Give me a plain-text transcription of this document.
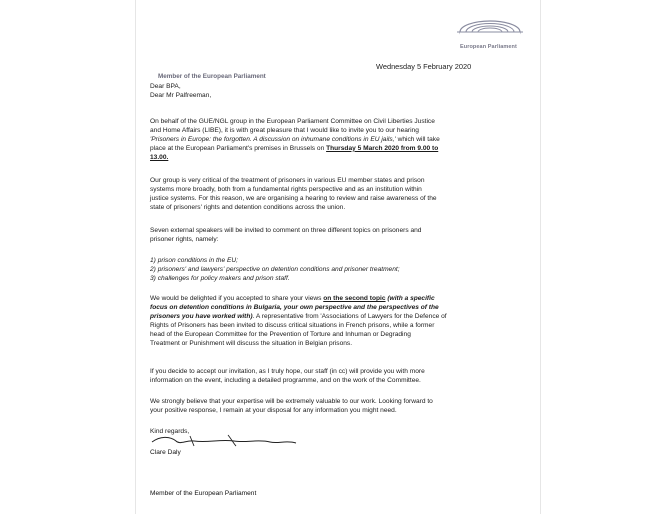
European Parliament
Wednesday 5 February 2020
Member of the European Parliament
Dear BPA,
Dear Mr Palfreeman,
On behalf of the GUE/NGL group in the European Parliament Committee on Civil Liberties Justice
and Home Affairs (LIBE), it is with great pleasure that I would like to invite you to our hearing
'Prisoners in Europe: the forgotten. A discussion on inhumane conditions in EU jails,' which will take
place at the European Parliament's premises in Brussels on Thursday 5 March 2020 from 9.00 to
13.00.
Our group is very critical of the treatment of prisoners in various EU member states and prison
systems more broadly, both from a fundamental rights perspective and as an institution within
justice systems. For this reason, we are organising a hearing to review and raise awareness of the
state of prisoners' rights and detention conditions across the union.
Seven external speakers will be invited to comment on three different topics on prisoners and
prisoner rights, namely:
1) prison conditions in the EU;
2) prisoners' and lawyers' perspective on detention conditions and prisoner treatment;
3) challenges for policy makers and prison staff.
We would be delighted if you accepted to share your views on the second topic (with a specific
focus on detention conditions in Bulgaria, your own perspective and the perspectives of the
prisoners you have worked with). A representative from 'Associations of Lawyers for the Defence of
Rights of Prisoners has been invited to discuss critical situations in French prisons, while a former
head of the European Committee for the Prevention of Torture and Inhuman or Degrading
Treatment or Punishment will discuss the situation in Belgian prisons.
If you decide to accept our invitation, as I truly hope, our staff (in cc) will provide you with more
information on the event, including a detailed programme, and on the work of the Committee.
We strongly believe that your expertise will be extremely valuable to our work. Looking forward to
your positive response, I remain at your disposal for any information you might need.
Kind regards,
Clare Daly
Member of the European Parliament
